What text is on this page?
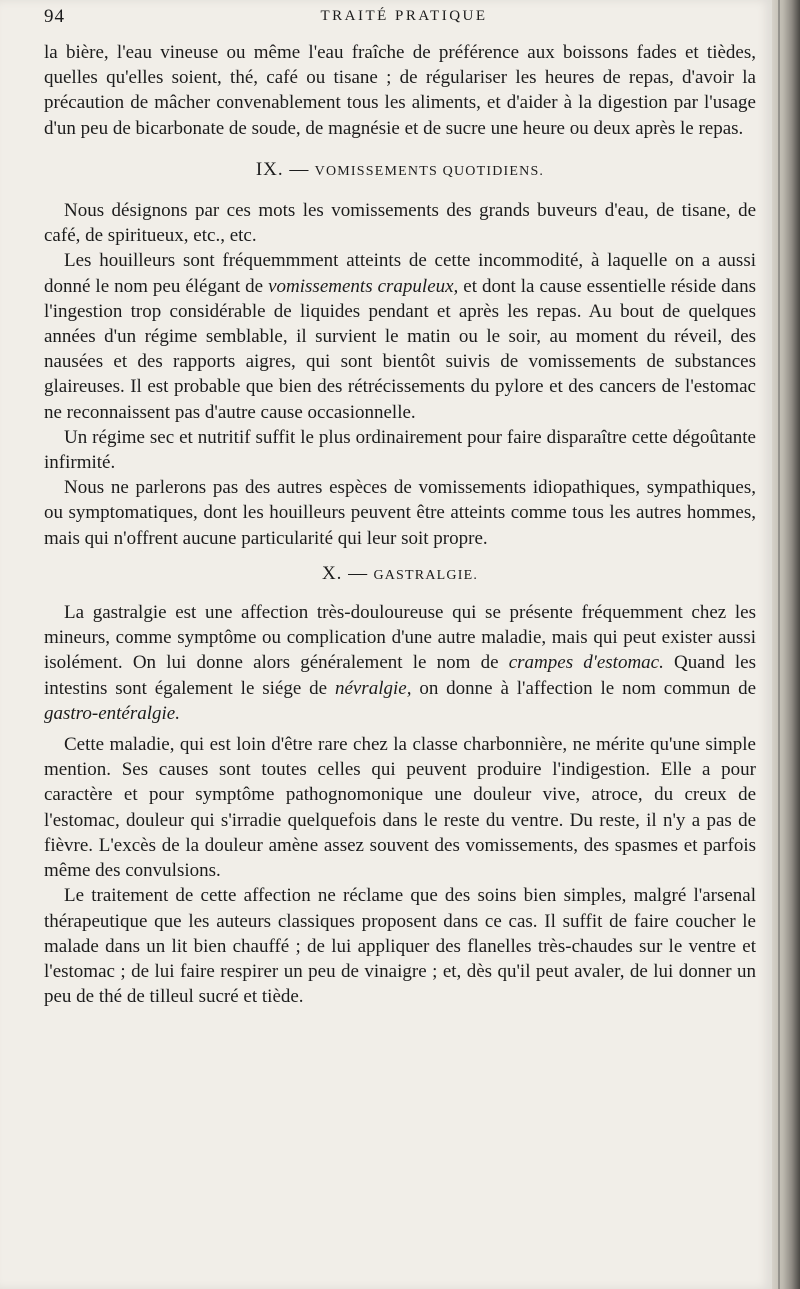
94	TRAITÉ PRATIQUE

la bière, l'eau vineuse ou même l'eau fraîche de préférence aux boissons fades et tièdes, quelles qu'elles soient, thé, café ou tisane ; de régulariser les heures de repas, d'avoir la précaution de mâcher convenablement tous les aliments, et d'aider à la digestion par l'usage d'un peu de bicarbonate de soude, de magnésie et de sucre une heure ou deux après le repas.

IX. — VOMISSEMENTS QUOTIDIENS.

Nous désignons par ces mots les vomissements des grands buveurs d'eau, de tisane, de café, de spiritueux, etc., etc.

Les houilleurs sont fréquemmment atteints de cette incommodité, à laquelle on a aussi donné le nom peu élégant de vomissements crapuleux, et dont la cause essentielle réside dans l'ingestion trop considérable de liquides pendant et après les repas. Au bout de quelques années d'un régime semblable, il survient le matin ou le soir, au moment du réveil, des nausées et des rapports aigres, qui sont bientôt suivis de vomissements de substances glaireuses. Il est probable que bien des rétrécissements du pylore et des cancers de l'estomac ne reconnaissent pas d'autre cause occasionnelle.

Un régime sec et nutritif suffit le plus ordinairement pour faire disparaître cette dégoûtante infirmité.

Nous ne parlerons pas des autres espèces de vomissements idiopathiques, sympathiques, ou symptomatiques, dont les houilleurs peuvent être atteints comme tous les autres hommes, mais qui n'offrent aucune particularité qui leur soit propre.

X. — GASTRALGIE.

La gastralgie est une affection très-douloureuse qui se présente fréquemment chez les mineurs, comme symptôme ou complication d'une autre maladie, mais qui peut exister aussi isolément. On lui donne alors généralement le nom de crampes d'estomac. Quand les intestins sont également le siége de névralgie, on donne à l'affection le nom commun de gastro-entéralgie.

Cette maladie, qui est loin d'être rare chez la classe charbonnière, ne mérite qu'une simple mention. Ses causes sont toutes celles qui peuvent produire l'indigestion. Elle a pour caractère et pour symptôme pathognomonique une douleur vive, atroce, du creux de l'estomac, douleur qui s'irradie quelquefois dans le reste du ventre. Du reste, il n'y a pas de fièvre. L'excès de la douleur amène assez souvent des vomissements, des spasmes et parfois même des convulsions.

Le traitement de cette affection ne réclame que des soins bien simples, malgré l'arsenal thérapeutique que les auteurs classiques proposent dans ce cas. Il suffit de faire coucher le malade dans un lit bien chauffé ; de lui appliquer des flanelles très-chaudes sur le ventre et l'estomac ; de lui faire respirer un peu de vinaigre ; et, dès qu'il peut avaler, de lui donner un peu de thé de tilleul sucré et tiède.
